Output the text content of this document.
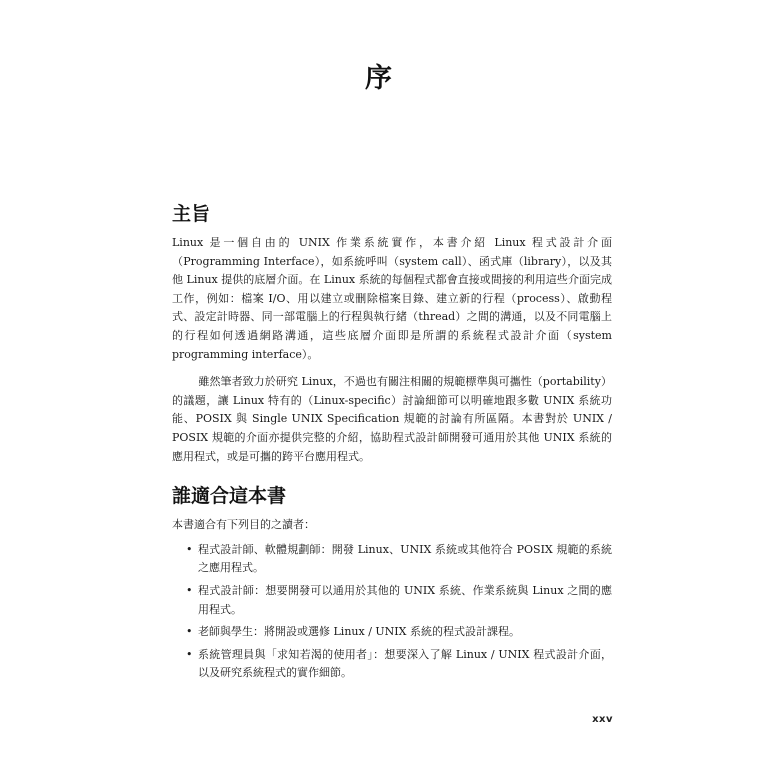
序
主旨

Linux 是一個自由的 UNIX 作業系統實作，本書介紹 Linux 程式設計介面（Programming Interface），如系統呼叫（system call）、函式庫（library），以及其他 Linux 提供的底層介面。在 Linux 系統的每個程式都會直接或間接的利用這些介面完成工作，例如：檔案 I/O、用以建立或刪除檔案目錄、建立新的行程（process）、啟動程式、設定計時器、同一部電腦上的行程與執行緒（thread）之間的溝通，以及不同電腦上的行程如何透過網路溝通，這些底層介面即是所謂的系統程式設計介面（system programming interface）。

雖然筆者致力於研究 Linux，不過也有關注相關的規範標準與可攜性（portability）的議題，讓 Linux 特有的（Linux-specific）討論細節可以明確地跟多數 UNIX 系統功能、POSIX 與 Single UNIX Specification 規範的討論有所區隔。本書對於 UNIX / POSIX 規範的介面亦提供完整的介紹，協助程式設計師開發可通用於其他 UNIX 系統的應用程式，或是可攜的跨平台應用程式。

誰適合這本書

本書適合有下列目的之讀者：

• 程式設計師、軟體規劃師：開發 Linux、UNIX 系統或其他符合 POSIX 規範的系統之應用程式。
• 程式設計師：想要開發可以通用於其他的 UNIX 系統、作業系統與 Linux 之間的應用程式。
• 老師與學生：將開設或選修 Linux / UNIX 系統的程式設計課程。
• 系統管理員與「求知若渴的使用者」：想要深入了解 Linux / UNIX 程式設計介面，以及研究系統程式的實作細節。
xxv
